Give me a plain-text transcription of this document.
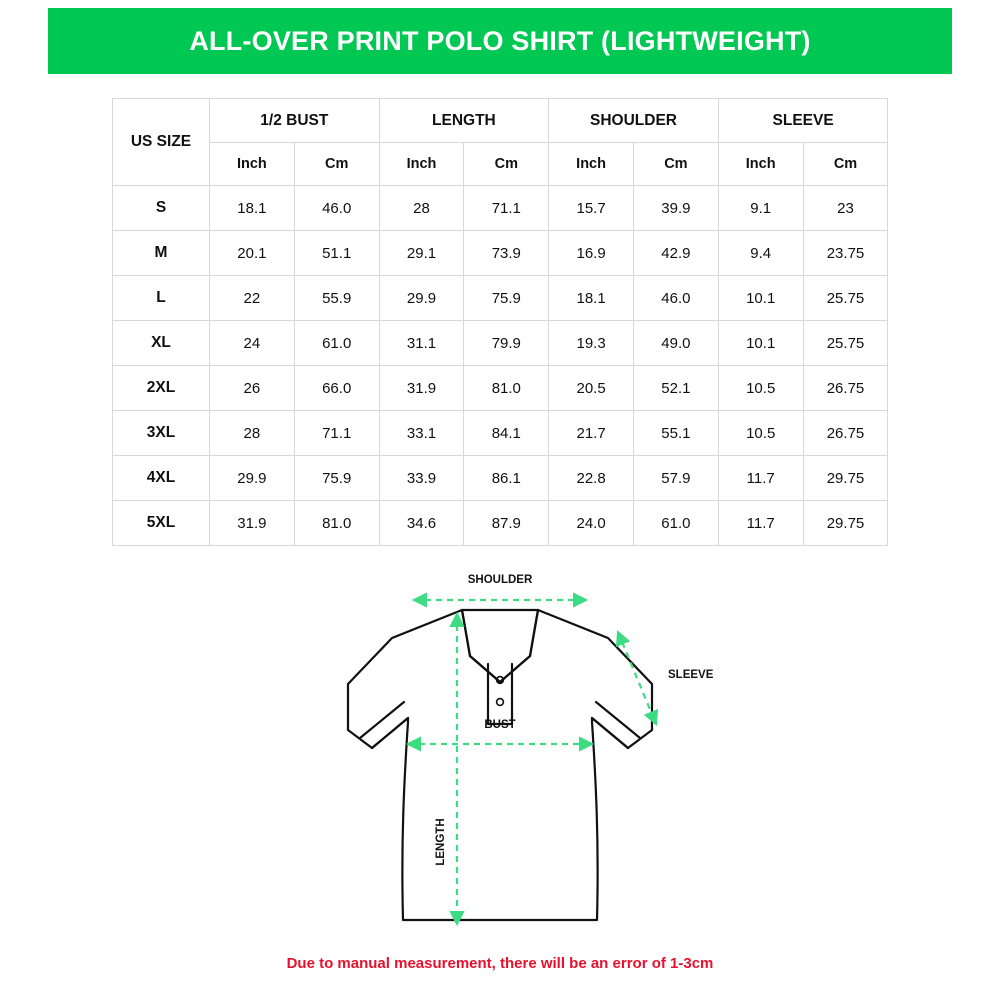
ALL-OVER PRINT POLO SHIRT (LIGHTWEIGHT)
US SIZE	1/2 BUST		LENGTH		SHOULDER		SLEEVE	
	Inch	Cm	Inch	Cm	Inch	Cm	Inch	Cm
S	18.1	46.0	28	71.1	15.7	39.9	9.1	23
M	20.1	51.1	29.1	73.9	16.9	42.9	9.4	23.75
L	22	55.9	29.9	75.9	18.1	46.0	10.1	25.75
XL	24	61.0	31.1	79.9	19.3	49.0	10.1	25.75
2XL	26	66.0	31.9	81.0	20.5	52.1	10.5	26.75
3XL	28	71.1	33.1	84.1	21.7	55.1	10.5	26.75
4XL	29.9	75.9	33.9	86.1	22.8	57.9	11.7	29.75
5XL	31.9	81.0	34.6	87.9	24.0	61.0	11.7	29.75
SHOULDER
SLEEVE
BUST
LENGTH
Due to manual measurement, there will be an error of 1-3cm
